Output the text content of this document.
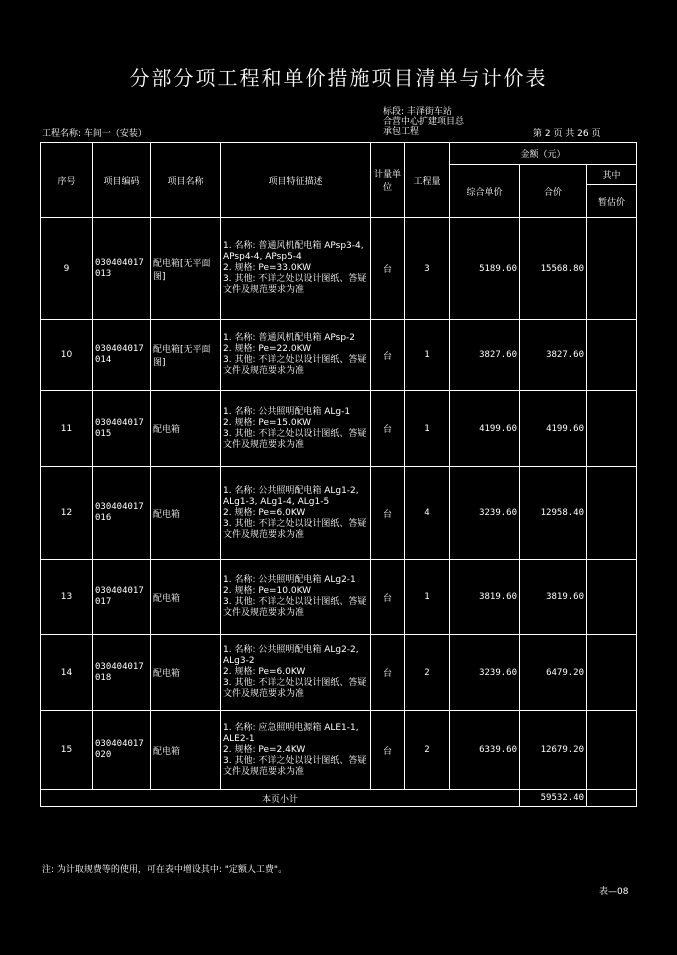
分部分项工程和单价措施项目清单与计价表
标段: 丰泽街车站
合营中心扩建项目总
承包工程
工程名称: 车间一（安装）	第 2 页 共 26 页
序号	项目编码	项目名称	项目特征描述	计量单位	工程量	金额（元）		
						综合单价	合价	其中
								暂估价
9	030404017013	配电箱[无平面图]	1. 名称: 普通风机配电箱 APsp3-4, APsp4-4, APsp5-4
2. 规格: Pe=33.0KW
3. 其他: 不详之处以设计图纸、答疑文件及规范要求为准	台	3	5189.60	15568.80	
10	030404017014	配电箱[无平面图]	1. 名称: 普通风机配电箱 APsp-2
2. 规格: Pe=22.0KW
3. 其他: 不详之处以设计图纸、答疑文件及规范要求为准	台	1	3827.60	3827.60	
11	030404017015	配电箱	1. 名称: 公共照明配电箱 ALg-1
2. 规格: Pe=15.0KW
3. 其他: 不详之处以设计图纸、答疑文件及规范要求为准	台	1	4199.60	4199.60	
12	030404017016	配电箱	1. 名称: 公共照明配电箱 ALg1-2, ALg1-3, ALg1-4, ALg1-5
2. 规格: Pe=6.0KW
3. 其他: 不详之处以设计图纸、答疑文件及规范要求为准	台	4	3239.60	12958.40	
13	030404017017	配电箱	1. 名称: 公共照明配电箱 ALg2-1
2. 规格: Pe=10.0KW
3. 其他: 不详之处以设计图纸、答疑文件及规范要求为准	台	1	3819.60	3819.60	
14	030404017018	配电箱	1. 名称: 公共照明配电箱 ALg2-2, ALg3-2
2. 规格: Pe=6.0KW
3. 其他: 不详之处以设计图纸、答疑文件及规范要求为准	台	2	3239.60	6479.20	
15	030404017020	配电箱	1. 名称: 应急照明电源箱 ALE1-1, ALE2-1
2. 规格: Pe=2.4KW
3. 其他: 不详之处以设计图纸、答疑文件及规范要求为准	台	2	6339.60	12679.20	
本页小计							59532.40	
注: 为计取规费等的使用，可在表中增设其中: "定额人工费"。
表—08
